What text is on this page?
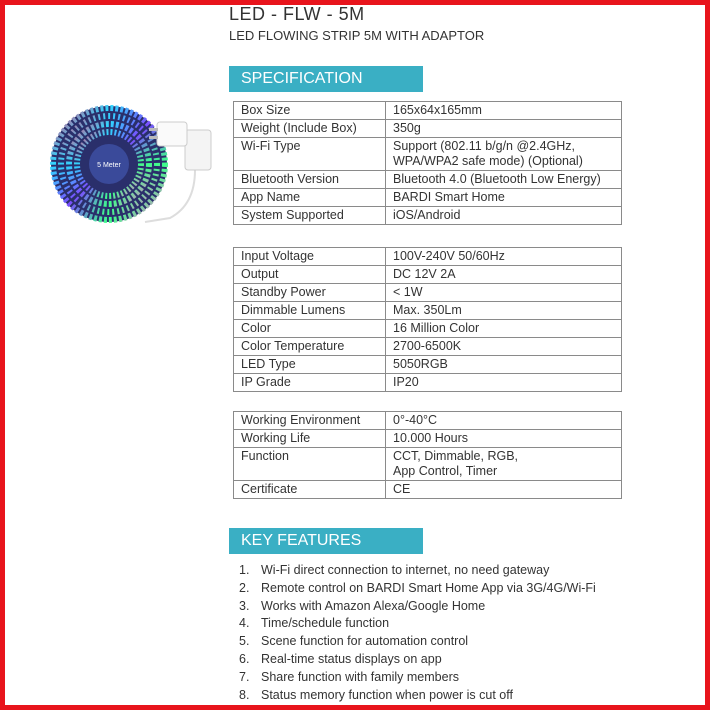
LED - FLW - 5M
LED FLOWING STRIP 5M WITH ADAPTOR
5 Meter
SPECIFICATION
Box Size	165x64x165mm
Weight (Include Box)	350g
Wi-Fi Type	Support (802.11 b/g/n @2.4GHz,
WPA/WPA2 safe mode) (Optional)
Bluetooth Version	Bluetooth 4.0 (Bluetooth Low Energy)
App Name	BARDI Smart Home
System Supported	iOS/Android
Input Voltage	100V-240V 50/60Hz
Output	DC 12V 2A
Standby Power	< 1W
Dimmable Lumens	Max. 350Lm
Color	16 Million Color
Color Temperature	2700-6500K
LED Type	5050RGB
IP Grade	IP20
Working Environment	0°-40°C
Working Life	10.000 Hours
Function	CCT, Dimmable, RGB,
App Control, Timer
Certificate	CE
KEY FEATURES
1. Wi-Fi direct connection to internet, no need gateway
2. Remote control on BARDI Smart Home App via 3G/4G/Wi-Fi
3. Works with Amazon Alexa/Google Home
4. Time/schedule function
5. Scene function for automation control
6. Real-time status displays on app
7. Share function with family members
8. Status memory function when power is cut off
